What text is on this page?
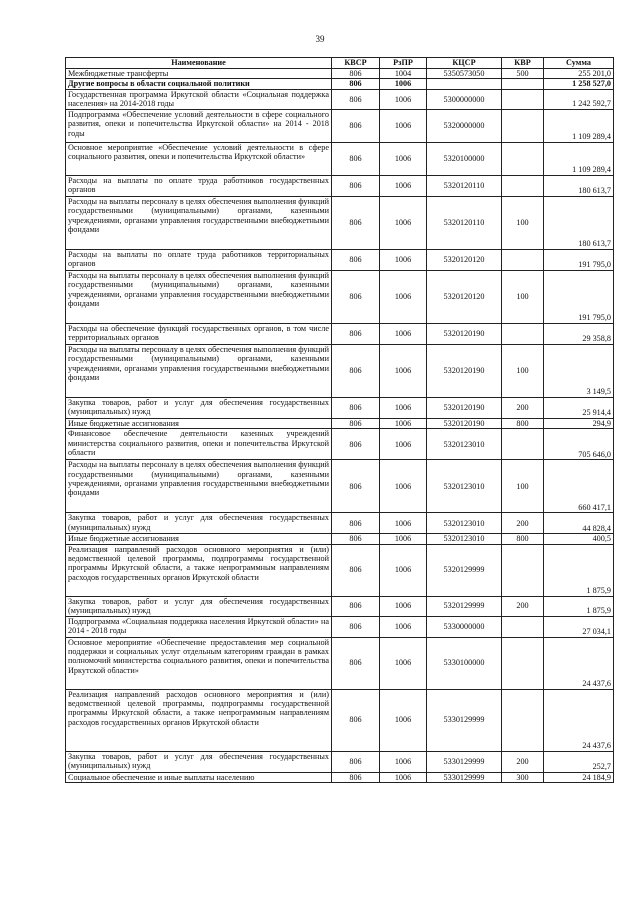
39
Наименование	КВСР	РзПР	КЦСР	КВР	Сумма
Межбюджетные трансферты	806	1004	5350573050	500	255 201,0
Другие вопросы в области социальной политики	806	1006			1 258 527,0
Государственная программа Иркутской области «Социальная поддержка населения» на 2014-2018 годы	806	1006	5300000000		1 242 592,7
Подпрограмма «Обеспечение условий деятельности в сфере социального развития, опеки и попечительства Иркутской области» на 2014 - 2018 годы	806	1006	5320000000		1 109 289,4
Основное мероприятие «Обеспечение условий деятельности в сфере социального развития, опеки и попечительства Иркутской области»	806	1006	5320100000		1 109 289,4
Расходы на выплаты по оплате труда работников государственных органов	806	1006	5320120110		180 613,7
Расходы на выплаты персоналу в целях обеспечения выполнения функций государственными (муниципальными) органами, казенными учреждениями, органами управления государственными внебюджетными фондами	806	1006	5320120110	100	180 613,7
Расходы на выплаты по оплате труда работников территориальных органов	806	1006	5320120120		191 795,0
Расходы на выплаты персоналу в целях обеспечения выполнения функций государственными (муниципальными) органами, казенными учреждениями, органами управления государственными внебюджетными фондами	806	1006	5320120120	100	191 795,0
Расходы на обеспечение функций государственных органов, в том числе территориальных органов	806	1006	5320120190		29 358,8
Расходы на выплаты персоналу в целях обеспечения выполнения функций государственными (муниципальными) органами, казенными учреждениями, органами управления государственными внебюджетными фондами	806	1006	5320120190	100	3 149,5
Закупка товаров, работ и услуг для обеспечения государственных (муниципальных) нужд	806	1006	5320120190	200	25 914,4
Иные бюджетные ассигнования	806	1006	5320120190	800	294,9
Финансовое обеспечение деятельности казенных учреждений министерства социального развития, опеки и попечительства Иркутской области	806	1006	5320123010		705 646,0
Расходы на выплаты персоналу в целях обеспечения выполнения функций государственными (муниципальными) органами, казенными учреждениями, органами управления государственными внебюджетными фондами	806	1006	5320123010	100	660 417,1
Закупка товаров, работ и услуг для обеспечения государственных (муниципальных) нужд	806	1006	5320123010	200	44 828,4
Иные бюджетные ассигнования	806	1006	5320123010	800	400,5
Реализация направлений расходов основного мероприятия и (или) ведомственной целевой программы, подпрограммы государственной программы Иркутской области, а также непрограммным направлениям расходов государственных органов Иркутской области	806	1006	5320129999		1 875,9
Закупка товаров, работ и услуг для обеспечения государственных (муниципальных) нужд	806	1006	5320129999	200	1 875,9
Подпрограмма «Социальная поддержка населения Иркутской области» на 2014 - 2018 годы	806	1006	5330000000		27 034,1
Основное мероприятие «Обеспечение предоставления мер социальной поддержки и социальных услуг отдельным категориям граждан в рамках полномочий министерства социального развития, опеки и попечительства Иркутской области»	806	1006	5330100000		24 437,6
Реализация направлений расходов основного мероприятия и (или) ведомственной целевой программы, подпрограммы государственной программы Иркутской области, а также непрограммным направлениям расходов государственных органов Иркутской области	806	1006	5330129999		24 437,6
Закупка товаров, работ и услуг для обеспечения государственных (муниципальных) нужд	806	1006	5330129999	200	252,7
Социальное обеспечение и иные выплаты населению	806	1006	5330129999	300	24 184,9
